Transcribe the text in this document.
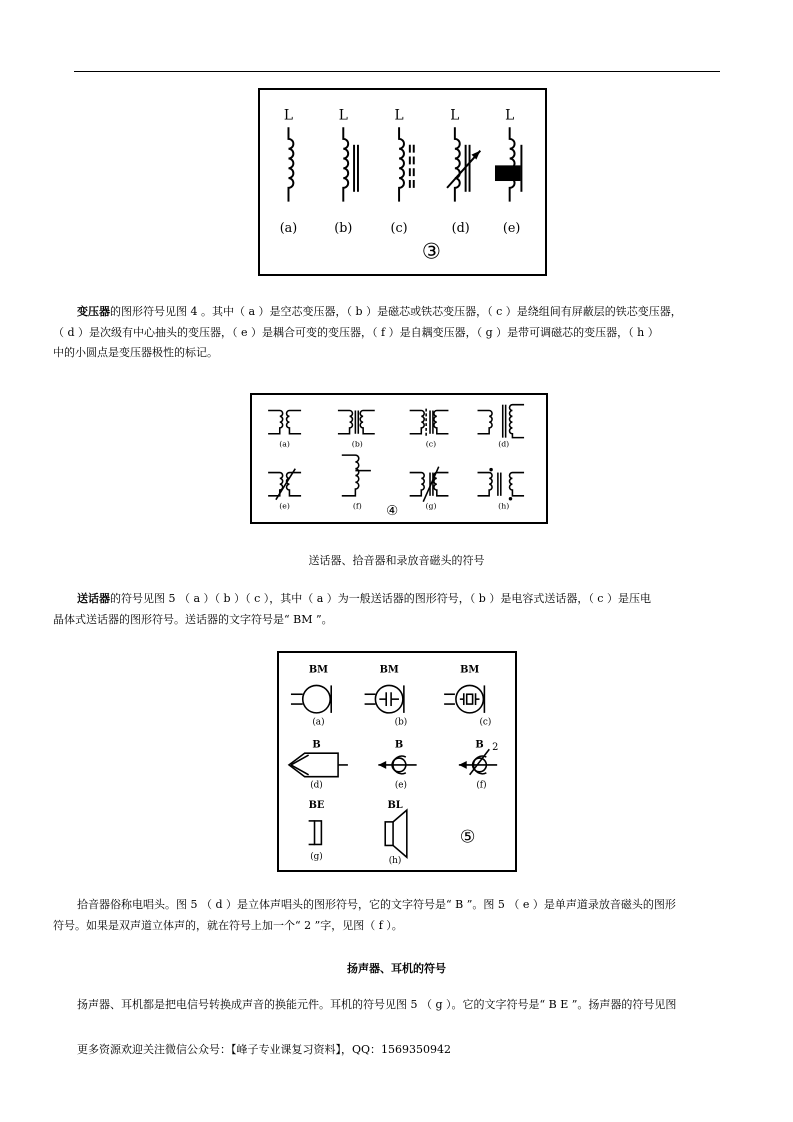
L	L	L	L	L
(a)	(b)	(c)	(d)	(e)
③
变压器的图形符号见图 4 。其中（ a ）是空芯变压器，（ b ）是磁芯或铁芯变压器，（ c ）是绕组间有屏蔽层的铁芯变压器，
（ d ）是次级有中心抽头的变压器，（ e ）是耦合可变的变压器，（ f ）是自耦变压器，（ g ）是带可调磁芯的变压器，（ h ）
中的小圆点是变压器极性的标记。
(a)	(b)	(c)	(d)
(e)	(f)	(g)	(h)
④
送话器、拾音器和录放音磁头的符号
送话器的符号见图 5 （ a ）（ b ）（ c ），其中（ a ）为一般送话器的图形符号，（ b ）是电容式送话器，（ c ）是压电
晶体式送话器的图形符号。送话器的文字符号是“ BM ”。
BM	BM	BM
B	B	B 2
BE	BL
(a)	(b)	(c)
(d)	(e)	(f)
(g)	(h)
⑤
拾音器俗称电唱头。图 5 （ d ）是立体声唱头的图形符号，它的文字符号是“ B ”。图 5 （ e ）是单声道录放音磁头的图形
符号。如果是双声道立体声的，就在符号上加一个“ 2 ”字，见图（ f ）。
扬声器、耳机的符号
扬声器、耳机都是把电信号转换成声音的换能元件。耳机的符号见图 5 （ g ）。它的文字符号是“ B E ”。扬声器的符号见图
更多资源欢迎关注微信公众号：【峰子专业课复习资料】，QQ：1569350942
